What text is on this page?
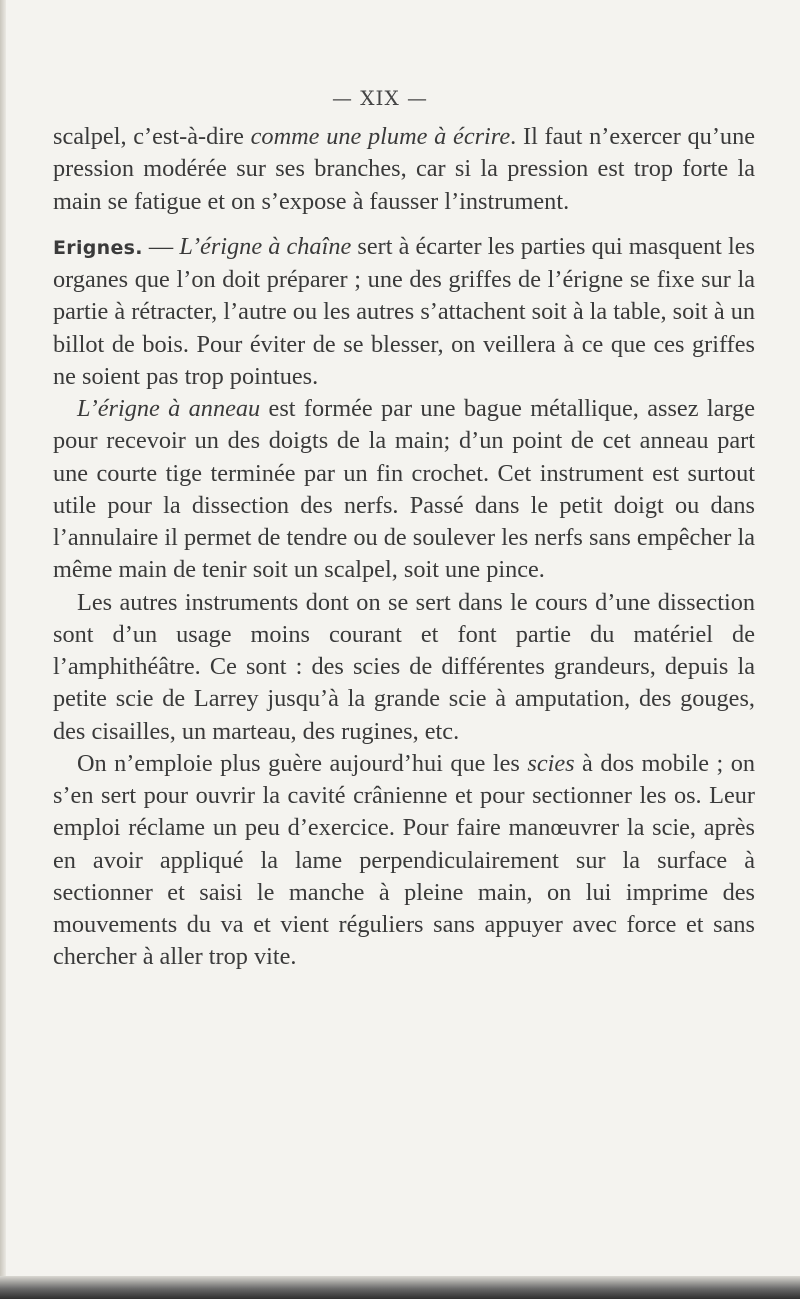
— XIX —

scalpel, c’est-à-dire comme une plume à écrire. Il faut n’exercer qu’une pression modérée sur ses branches, car si la pression est trop forte la main se fatigue et on s’expose à fausser l’instrument.

Erignes. — L’érigne à chaîne sert à écarter les parties qui masquent les organes que l’on doit préparer ; une des griffes de l’érigne se fixe sur la partie à rétracter, l’autre ou les autres s’attachent soit à la table, soit à un billot de bois. Pour éviter de se blesser, on veillera à ce que ces griffes ne soient pas trop pointues.

L’érigne à anneau est formée par une bague métallique, assez large pour recevoir un des doigts de la main; d’un point de cet anneau part une courte tige terminée par un fin crochet. Cet instrument est surtout utile pour la dissection des nerfs. Passé dans le petit doigt ou dans l’annulaire il permet de tendre ou de soulever les nerfs sans empêcher la même main de tenir soit un scalpel, soit une pince.

Les autres instruments dont on se sert dans le cours d’une dissection sont d’un usage moins courant et font partie du matériel de l’amphithéâtre. Ce sont : des scies de différentes grandeurs, depuis la petite scie de Larrey jusqu’à la grande scie à amputation, des gouges, des cisailles, un marteau, des rugines, etc.

On n’emploie plus guère aujourd’hui que les scies à dos mobile ; on s’en sert pour ouvrir la cavité crânienne et pour sectionner les os. Leur emploi réclame un peu d’exercice. Pour faire manœuvrer la scie, après en avoir appliqué la lame perpendiculairement sur la surface à sectionner et saisi le manche à pleine main, on lui imprime des mouvements du va et vient réguliers sans appuyer avec force et sans chercher à aller trop vite.
